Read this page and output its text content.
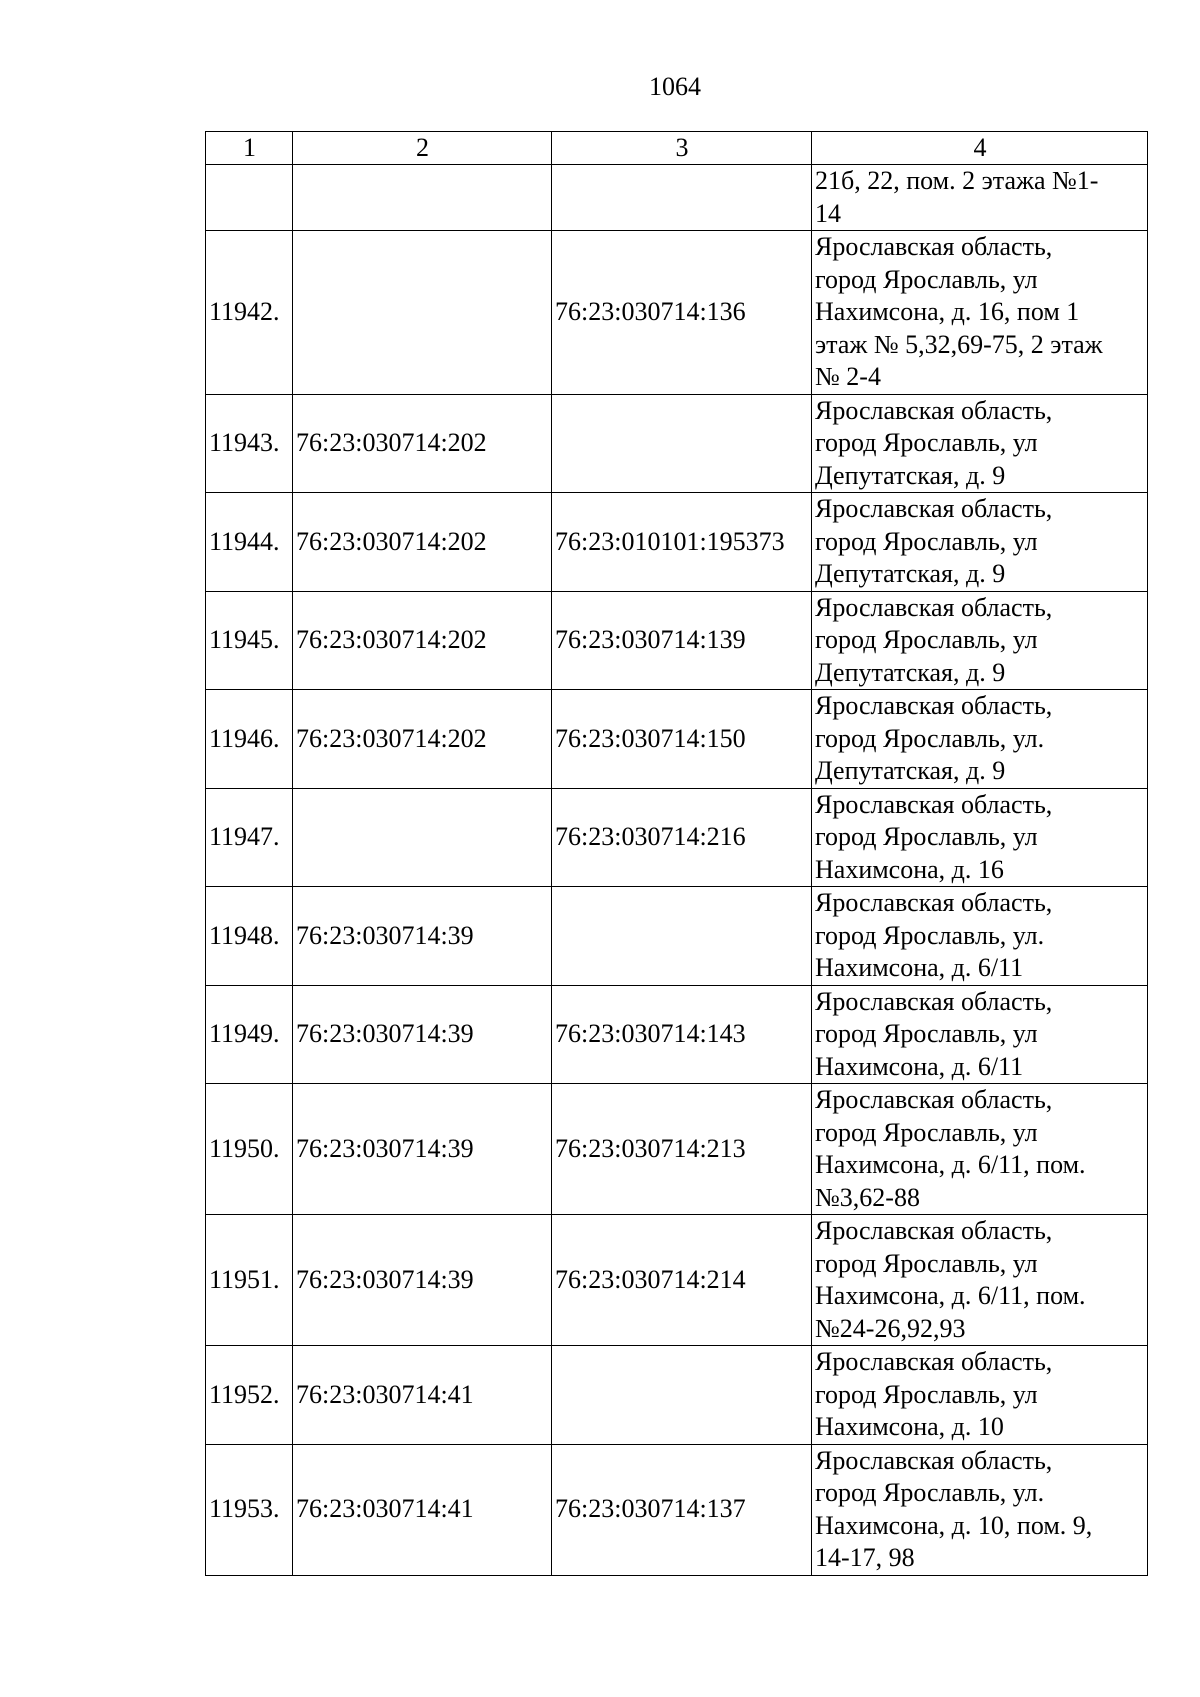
1064
1	2	3	4

			21б, 22, пом. 2 этажа №1-
14

11942.		76:23:030714:136	Ярославская область,
город Ярославль, ул
Нахимсона, д. 16, пом 1
этаж № 5,32,69-75, 2 этаж
№ 2-4

11943.	76:23:030714:202		Ярославская область,
город Ярославль, ул
Депутатская, д. 9

11944.	76:23:030714:202	76:23:010101:195373	Ярославская область,
город Ярославль, ул
Депутатская, д. 9

11945.	76:23:030714:202	76:23:030714:139	Ярославская область,
город Ярославль, ул
Депутатская, д. 9

11946.	76:23:030714:202	76:23:030714:150	Ярославская область,
город Ярославль, ул.
Депутатская, д. 9

11947.		76:23:030714:216	Ярославская область,
город Ярославль, ул
Нахимсона, д. 16

11948.	76:23:030714:39		Ярославская область,
город Ярославль, ул.
Нахимсона, д. 6/11

11949.	76:23:030714:39	76:23:030714:143	Ярославская область,
город Ярославль, ул
Нахимсона, д. 6/11

11950.	76:23:030714:39	76:23:030714:213	Ярославская область,
город Ярославль, ул
Нахимсона, д. 6/11, пом.
№3,62-88

11951.	76:23:030714:39	76:23:030714:214	Ярославская область,
город Ярославль, ул
Нахимсона, д. 6/11, пом.
№24-26,92,93

11952.	76:23:030714:41		Ярославская область,
город Ярославль, ул
Нахимсона, д. 10

11953.	76:23:030714:41	76:23:030714:137	Ярославская область,
город Ярославль, ул.
Нахимсона, д. 10, пом. 9,
14-17, 98
